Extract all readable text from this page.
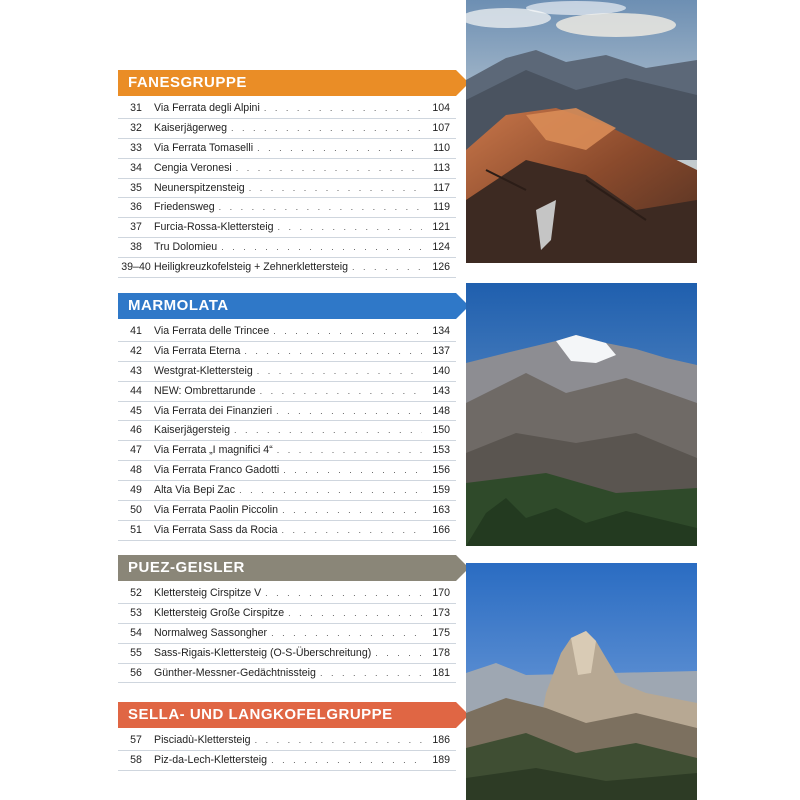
FANESGRUPPE
31	Via Ferrata degli Alpini . . .	104
32	Kaiserjägerweg . . .	107
33	Via Ferrata Tomaselli . . .	110
34	Cengia Veronesi . . .	113
35	Neunerspitzensteig . . .	117
36	Friedensweg . . .	119
37	Furcia-Rossa-Klettersteig . . .	121
38	Tru Dolomieu . . .	124
39–40 Heiligkreuzkofelsteig + Zehnerklettersteig . . .	126
MARMOLATA
41	Via Ferrata delle Trincee . . .	134
42	Via Ferrata Eterna . . .	137
43	Westgrat-Klettersteig . . .	140
44	NEW: Ombrettarunde . . .	143
45	Via Ferrata dei Finanzieri . . .	148
46	Kaiserjägersteig . . .	150
47	Via Ferrata „I magnifici 4“ . . .	153
48	Via Ferrata Franco Gadotti . . .	156
49	Alta Via Bepi Zac . . .	159
50	Via Ferrata Paolin Piccolin . . .	163
51	Via Ferrata Sass da Rocia . . .	166
PUEZ-GEISLER
52	Klettersteig Cirspitze V . . .	170
53	Klettersteig Große Cirspitze . . .	173
54	Normalweg Sassongher . . .	175
55	Sass-Rigais-Klettersteig (O-S-Überschreitung) . . .	178
56	Günther-Messner-Gedächtnissteig . . .	181
SELLA- UND LANGKOFELGRUPPE
57	Pisciadù-Klettersteig . . .	186
58	Piz-da-Lech-Klettersteig . . .	189
